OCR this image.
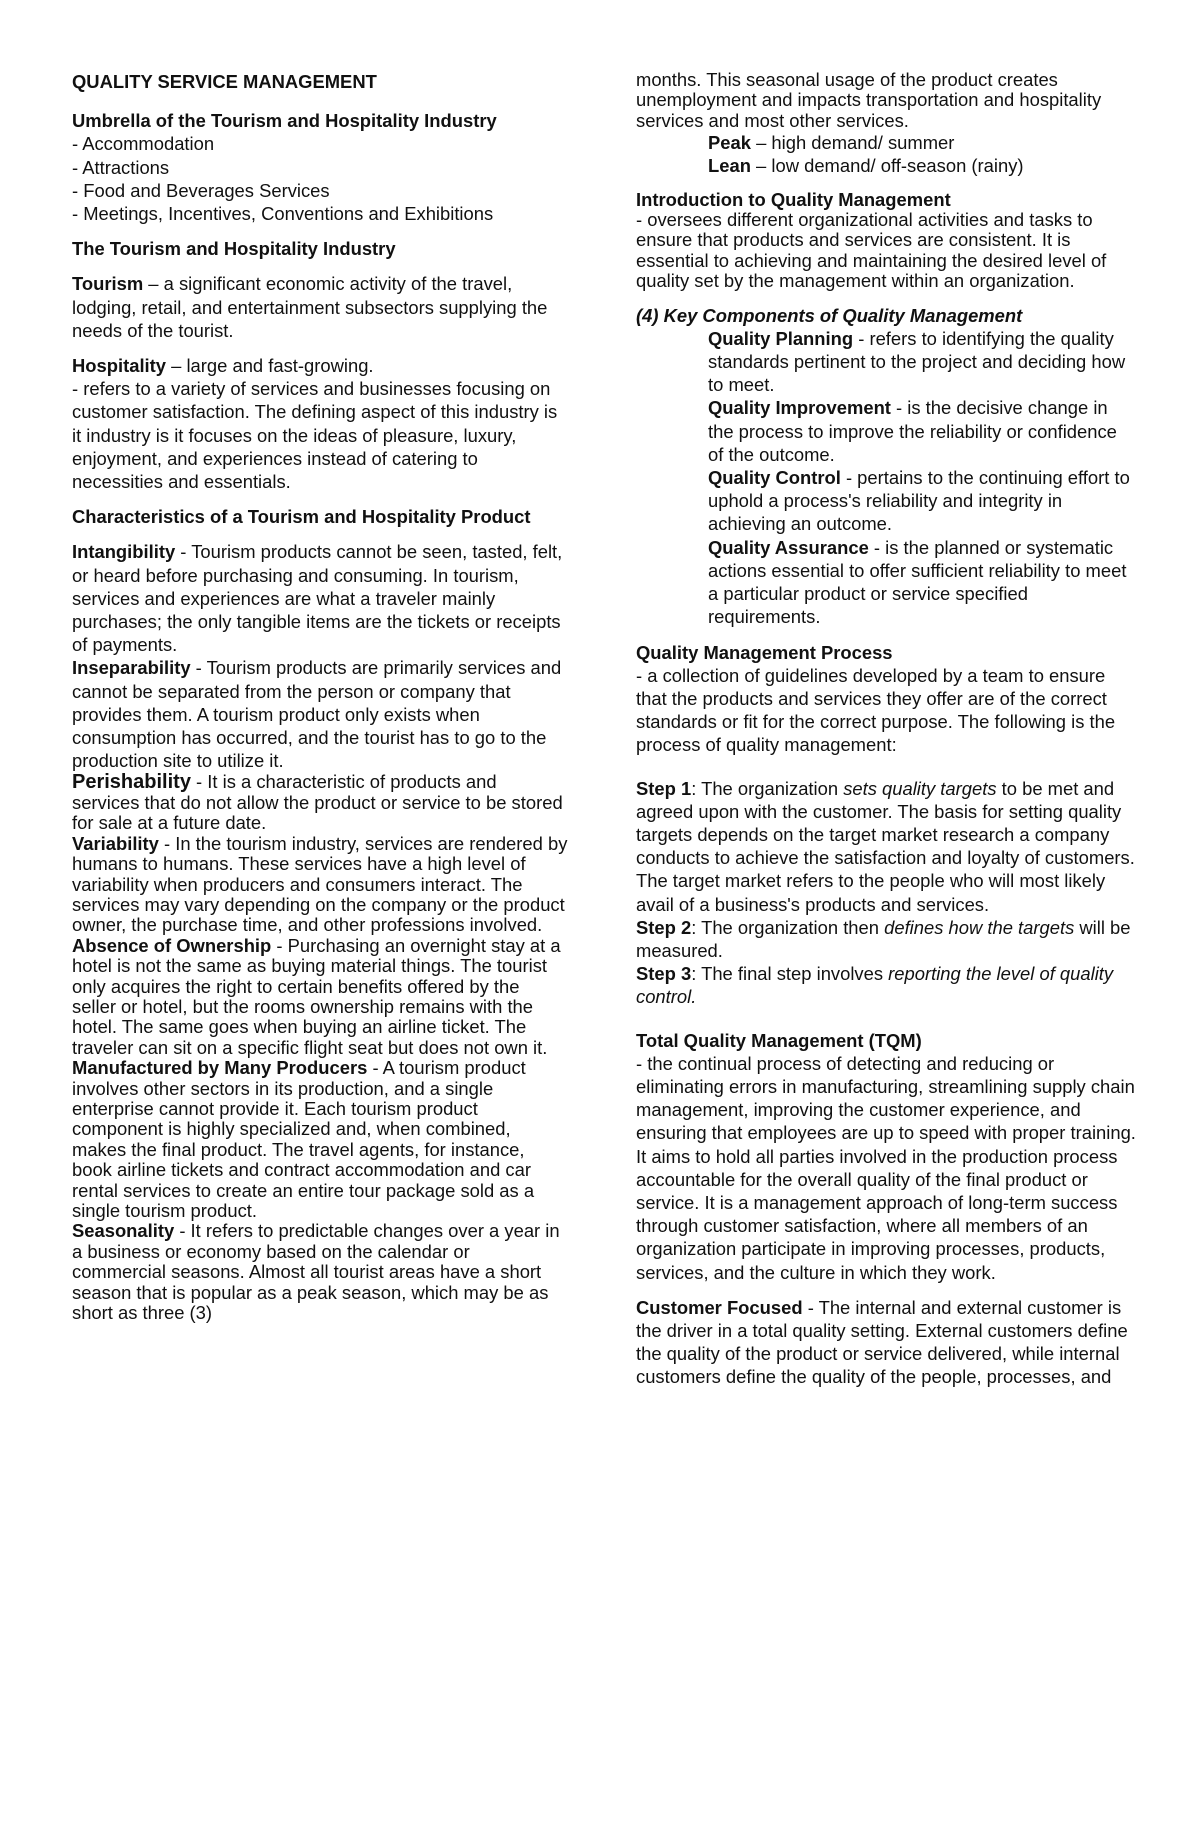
QUALITY SERVICE MANAGEMENT

Umbrella of the Tourism and Hospitality Industry

- Accommodation

- Attractions

- Food and Beverages Services

- Meetings, Incentives, Conventions and Exhibitions

The Tourism and Hospitality Industry

Tourism – a significant economic activity of the travel, lodging, retail, and entertainment subsectors supplying the needs of the tourist.

Hospitality – large and fast-growing.

- refers to a variety of services and businesses focusing on customer satisfaction. The defining aspect of this industry is it industry is it focuses on the ideas of pleasure, luxury, enjoyment, and experiences instead of catering to necessities and essentials.

Characteristics of a Tourism and Hospitality Product

Intangibility - Tourism products cannot be seen, tasted, felt, or heard before purchasing and consuming. In tourism, services and experiences are what a traveler mainly purchases; the only tangible items are the tickets or receipts of payments.

Inseparability - Tourism products are primarily services and cannot be separated from the person or company that provides them. A tourism product only exists when consumption has occurred, and the tourist has to go to the production site to utilize it.

Perishability - It is a characteristic of products and services that do not allow the product or service to be stored for sale at a future date.

Variability - In the tourism industry, services are rendered by humans to humans. These services have a high level of variability when producers and consumers interact. The services may vary depending on the company or the product owner, the purchase time, and other professions involved.

Absence of Ownership - Purchasing an overnight stay at a hotel is not the same as buying material things. The tourist only acquires the right to certain benefits offered by the seller or hotel, but the rooms ownership remains with the hotel. The same goes when buying an airline ticket. The traveler can sit on a specific flight seat but does not own it.

Manufactured by Many Producers - A tourism product involves other sectors in its production, and a single enterprise cannot provide it. Each tourism product component is highly specialized and, when combined, makes the final product. The travel agents, for instance, book airline tickets and contract accommodation and car rental services to create an entire tour package sold as a single tourism product.

Seasonality - It refers to predictable changes over a year in a business or economy based on the calendar or commercial seasons. Almost all tourist areas have a short season that is popular as a peak season, which may be as short as three (3)

months. This seasonal usage of the product creates unemployment and impacts transportation and hospitality services and most other services.

Peak – high demand/ summer

Lean – low demand/ off-season (rainy)

Introduction to Quality Management

- oversees different organizational activities and tasks to ensure that products and services are consistent. It is essential to achieving and maintaining the desired level of quality set by the management within an organization.

(4) Key Components of Quality Management

Quality Planning - refers to identifying the quality standards pertinent to the project and deciding how to meet.

Quality Improvement - is the decisive change in the process to improve the reliability or confidence of the outcome.

Quality Control - pertains to the continuing effort to uphold a process's reliability and integrity in achieving an outcome.

Quality Assurance - is the planned or systematic actions essential to offer sufficient reliability to meet a particular product or service specified requirements.

Quality Management Process

- a collection of guidelines developed by a team to ensure that the products and services they offer are of the correct standards or fit for the correct purpose. The following is the process of quality management:

Step 1: The organization sets quality targets to be met and agreed upon with the customer. The basis for setting quality targets depends on the target market research a company conducts to achieve the satisfaction and loyalty of customers. The target market refers to the people who will most likely avail of a business's products and services.

Step 2: The organization then defines how the targets will be measured.

Step 3: The final step involves reporting the level of quality control.

Total Quality Management (TQM)

- the continual process of detecting and reducing or eliminating errors in manufacturing, streamlining supply chain management, improving the customer experience, and ensuring that employees are up to speed with proper training. It aims to hold all parties involved in the production process accountable for the overall quality of the final product or service. It is a management approach of long-term success through customer satisfaction, where all members of an organization participate in improving processes, products, services, and the culture in which they work.

Customer Focused - The internal and external customer is the driver in a total quality setting. External customers define the quality of the product or service delivered, while internal customers define the quality of the people, processes, and
